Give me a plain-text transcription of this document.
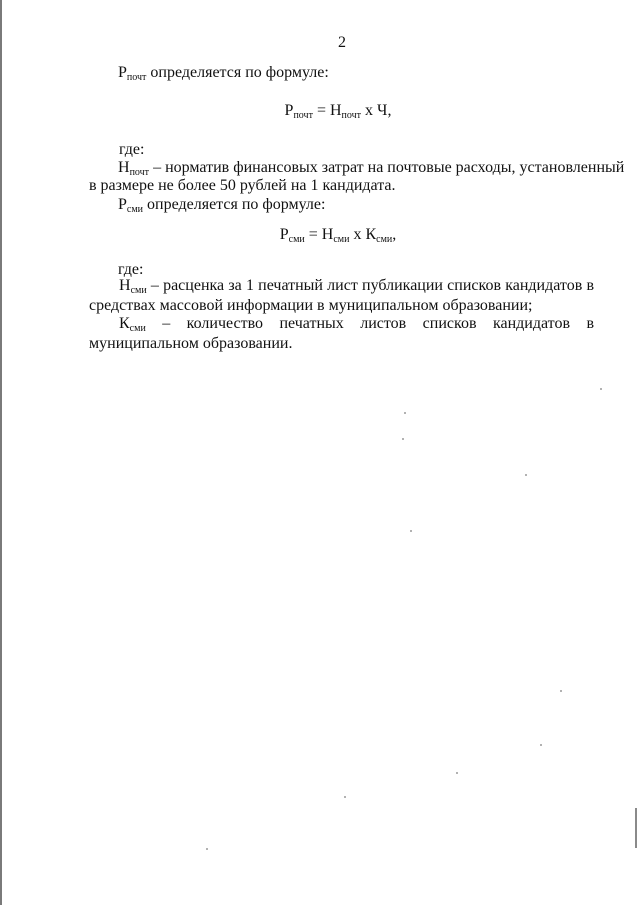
2
$Р_{почт}$ определяется по формуле:
$Р_{почт} = Н_{почт}$ х Ч,
где:
$Н_{почт}$ – норматив финансовых затрат на почтовые расходы, установленный
в размере не более 50 рублей на 1 кандидата.
$Р_{сми}$ определяется по формуле:
$Р_{сми} = Н_{сми}$ х $К_{сми}$,
где:
$Н_{сми}$ – расценка за 1 печатный лист публикации списков кандидатов в средствах массовой информации в муниципальном образовании;
$К_{сми}$ – количество печатных листов списков кандидатов в муниципальном образовании.
